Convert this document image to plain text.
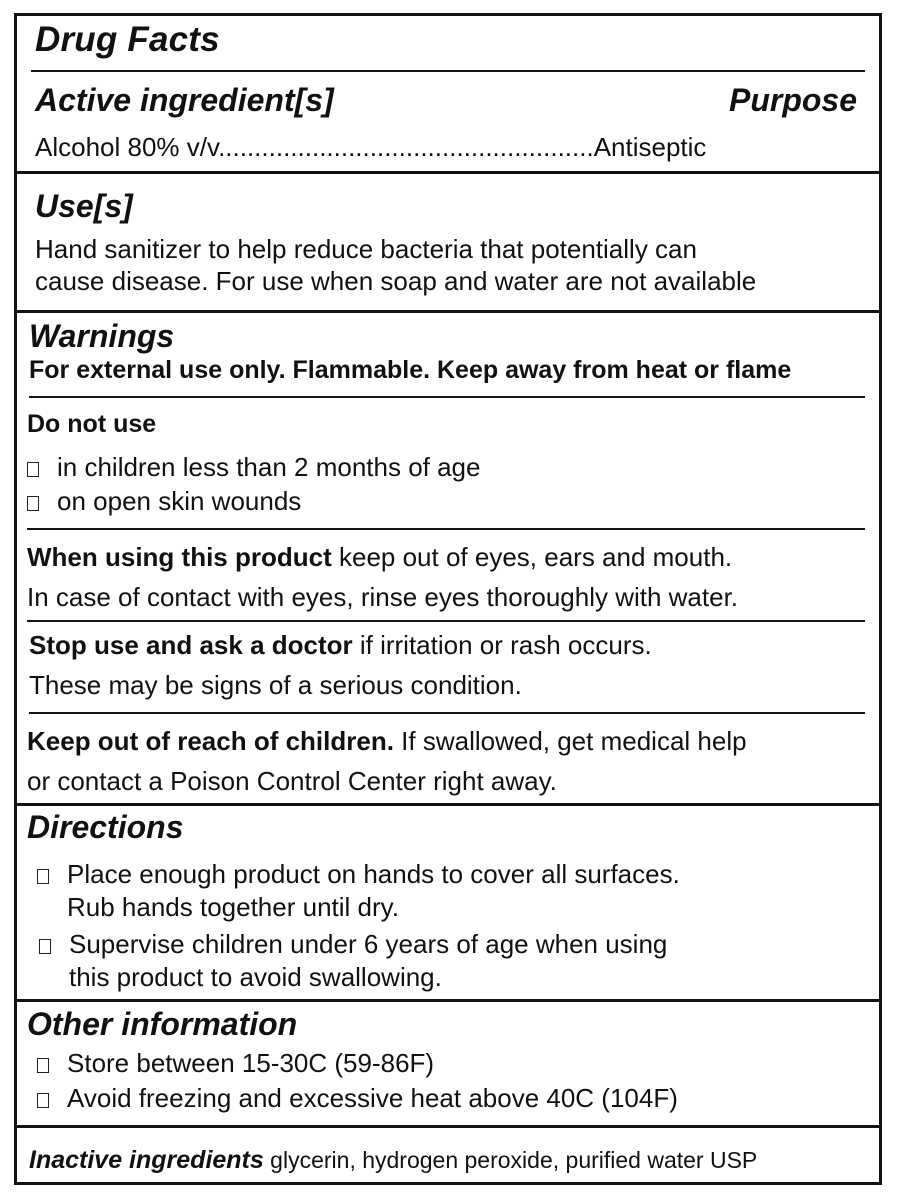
Drug Facts
Active ingredient[s]	Purpose
Alcohol 80% v/v....................................................Antiseptic
Use[s]
Hand sanitizer to help reduce bacteria that potentially can
cause disease. For use when soap and water are not available
Warnings
For external use only. Flammable. Keep away from heat or flame
Do not use
in children less than 2 months of age
on open skin wounds
When using this product keep out of eyes, ears and mouth.
In case of contact with eyes, rinse eyes thoroughly with water.
Stop use and ask a doctor if irritation or rash occurs.
These may be signs of a serious condition.
Keep out of reach of children. If swallowed, get medical help
or contact a Poison Control Center right away.
Directions
Place enough product on hands to cover all surfaces.
Rub hands together until dry.
Supervise children under 6 years of age when using
this product to avoid swallowing.
Other information
Store between 15-30C (59-86F)
Avoid freezing and excessive heat above 40C (104F)
Inactive ingredients glycerin, hydrogen peroxide, purified water USP
